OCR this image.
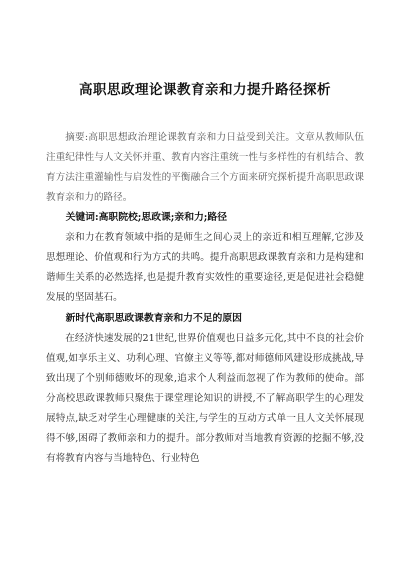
高职思政理论课教育亲和力提升路径探析

摘要:高职思想政治理论课教育亲和力日益受到关注。文章从教师队伍注重纪律性与人文关怀并重、教育内容注重统一性与多样性的有机结合、教育方法注重灌输性与启发性的平衡融合三个方面来研究探析提升高职思政课教育亲和力的路径。

关键词:高职院校;思政课;亲和力;路径

亲和力在教育领域中指的是师生之间心灵上的亲近和相互理解,它涉及思想理论、价值观和行为方式的共鸣。提升高职思政课教育亲和力是构建和谐师生关系的必然选择,也是提升教育实效性的重要途径,更是促进社会稳健发展的坚固基石。

新时代高职思政课教育亲和力不足的原因

在经济快速发展的21世纪,世界价值观也日益多元化,其中不良的社会价值观,如享乐主义、功利心理、官僚主义等等,都对师德师风建设形成挑战,导致出现了个别师德败坏的现象,追求个人利益而忽视了作为教师的使命。部分高校思政课教师只聚焦于课堂理论知识的讲授,不了解高职学生的心理发展特点,缺乏对学生心理健康的关注,与学生的互动方式单一且人文关怀展现得不够,困碍了教师亲和力的提升。部分教师对当地教育资源的挖掘不够,没有将教育内容与当地特色、行业特色
